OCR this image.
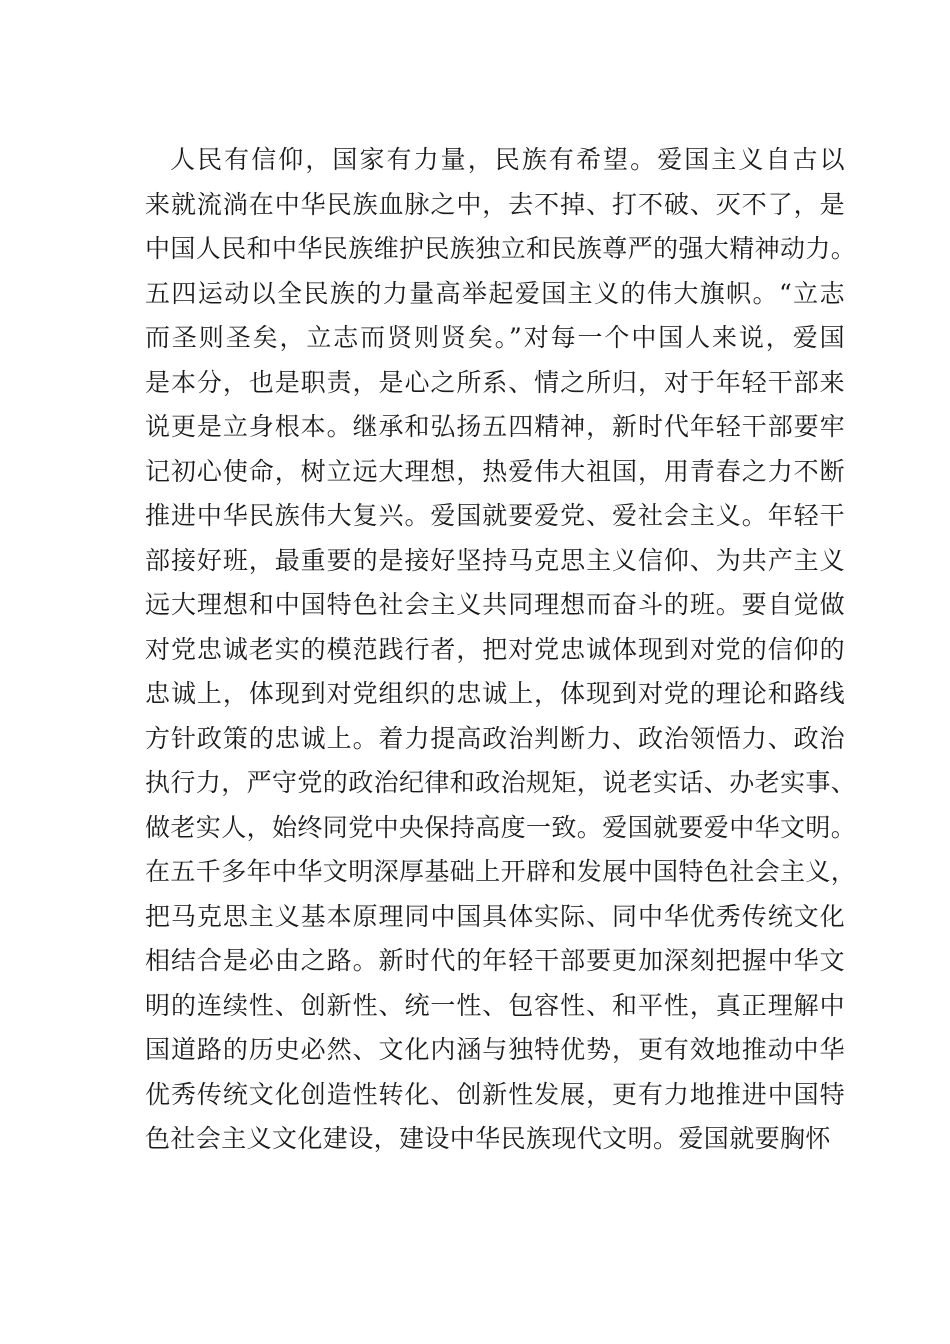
人民有信仰，国家有力量，民族有希望。爱国主义自古以
来就流淌在中华民族血脉之中，去不掉、打不破、灭不了，是
中国人民和中华民族维护民族独立和民族尊严的强大精神动力。
五四运动以全民族的力量高举起爱国主义的伟大旗帜。“立志
而圣则圣矣，立志而贤则贤矣。”对每一个中国人来说，爱国
是本分，也是职责，是心之所系、情之所归，对于年轻干部来
说更是立身根本。继承和弘扬五四精神，新时代年轻干部要牢
记初心使命，树立远大理想，热爱伟大祖国，用青春之力不断
推进中华民族伟大复兴。爱国就要爱党、爱社会主义。年轻干
部接好班，最重要的是接好坚持马克思主义信仰、为共产主义
远大理想和中国特色社会主义共同理想而奋斗的班。要自觉做
对党忠诚老实的模范践行者，把对党忠诚体现到对党的信仰的
忠诚上，体现到对党组织的忠诚上，体现到对党的理论和路线
方针政策的忠诚上。着力提高政治判断力、政治领悟力、政治
执行力，严守党的政治纪律和政治规矩，说老实话、办老实事、
做老实人，始终同党中央保持高度一致。爱国就要爱中华文明。
在五千多年中华文明深厚基础上开辟和发展中国特色社会主义，
把马克思主义基本原理同中国具体实际、同中华优秀传统文化
相结合是必由之路。新时代的年轻干部要更加深刻把握中华文
明的连续性、创新性、统一性、包容性、和平性，真正理解中
国道路的历史必然、文化内涵与独特优势，更有效地推动中华
优秀传统文化创造性转化、创新性发展，更有力地推进中国特
色社会主义文化建设，建设中华民族现代文明。爱国就要胸怀
